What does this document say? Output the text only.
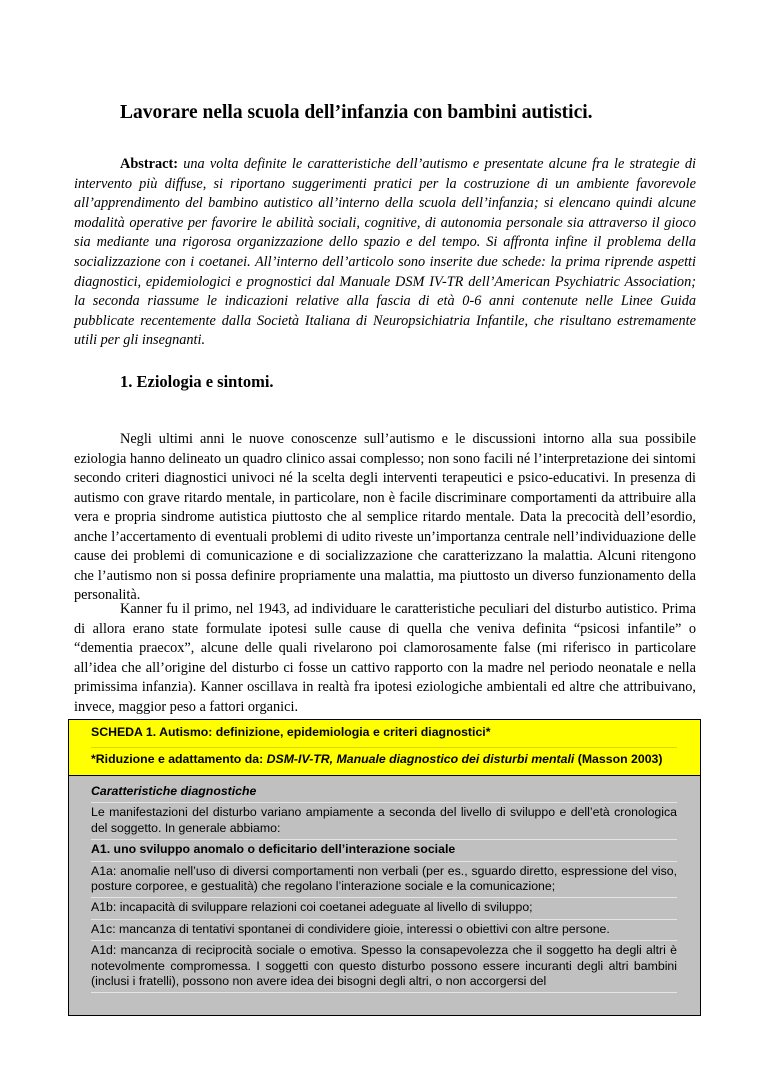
Lavorare nella scuola dell’infanzia con bambini autistici.

Abstract: una volta definite le caratteristiche dell’autismo e presentate alcune fra le strategie di intervento più diffuse, si riportano suggerimenti pratici per la costruzione di un ambiente favorevole all’apprendimento del bambino autistico all’interno della scuola dell’infanzia; si elencano quindi alcune modalità operative per favorire le abilità sociali, cognitive, di autonomia personale sia attraverso il gioco sia mediante una rigorosa organizzazione dello spazio e del tempo. Si affronta infine il problema della socializzazione con i coetanei. All’interno dell’articolo sono inserite due schede: la prima riprende aspetti diagnostici, epidemiologici e prognostici dal Manuale DSM IV-TR dell’American Psychiatric Association; la seconda riassume le indicazioni relative alla fascia di età 0-6 anni contenute nelle Linee Guida pubblicate recentemente dalla Società Italiana di Neuropsichiatria Infantile, che risultano estremamente utili per gli insegnanti.

1. Eziologia e sintomi.

Negli ultimi anni le nuove conoscenze sull’autismo e le discussioni intorno alla sua possibile eziologia hanno delineato un quadro clinico assai complesso; non sono facili né l’interpretazione dei sintomi secondo criteri diagnostici univoci né la scelta degli interventi terapeutici e psico-educativi. In presenza di autismo con grave ritardo mentale, in particolare, non è facile discriminare comportamenti da attribuire alla vera e propria sindrome autistica piuttosto che al semplice ritardo mentale. Data la precocità dell’esordio, anche l’accertamento di eventuali problemi di udito riveste un’importanza centrale nell’individuazione delle cause dei problemi di comunicazione e di socializzazione che caratterizzano la malattia. Alcuni ritengono che l’autismo non si possa definire propriamente una malattia, ma piuttosto un diverso funzionamento della personalità.

Kanner fu il primo, nel 1943, ad individuare le caratteristiche peculiari del disturbo autistico. Prima di allora erano state formulate ipotesi sulle cause di quella che veniva definita “psicosi infantile” o “dementia praecox”, alcune delle quali rivelarono poi clamorosamente false (mi riferisco in particolare all’idea che all’origine del disturbo ci fosse un cattivo rapporto con la madre nel periodo neonatale e nella primissima infanzia). Kanner oscillava in realtà fra ipotesi eziologiche ambientali ed altre che attribuivano, invece, maggior peso a fattori organici.

SCHEDA 1. Autismo: definizione, epidemiologia e criteri diagnostici*
*Riduzione e adattamento da: DSM-IV-TR, Manuale diagnostico dei disturbi mentali (Masson 2003)
Caratteristiche diagnostiche
Le manifestazioni del disturbo variano ampiamente a seconda del livello di sviluppo e dell’età cronologica del soggetto. In generale abbiamo:
A1. uno sviluppo anomalo o deficitario dell’interazione sociale
A1a: anomalie nell’uso di diversi comportamenti non verbali (per es., sguardo diretto, espressione del viso, posture corporee, e gestualità) che regolano l’interazione sociale e la comunicazione;
A1b: incapacità di sviluppare relazioni coi coetanei adeguate al livello di sviluppo;
A1c: mancanza di tentativi spontanei di condividere gioie, interessi o obiettivi con altre persone.
A1d: mancanza di reciprocità sociale o emotiva. Spesso la consapevolezza che il soggetto ha degli altri è notevolmente compromessa. I soggetti con questo disturbo possono essere incuranti degli altri bambini (inclusi i fratelli), possono non avere idea dei bisogni degli altri, o non accorgersi del
